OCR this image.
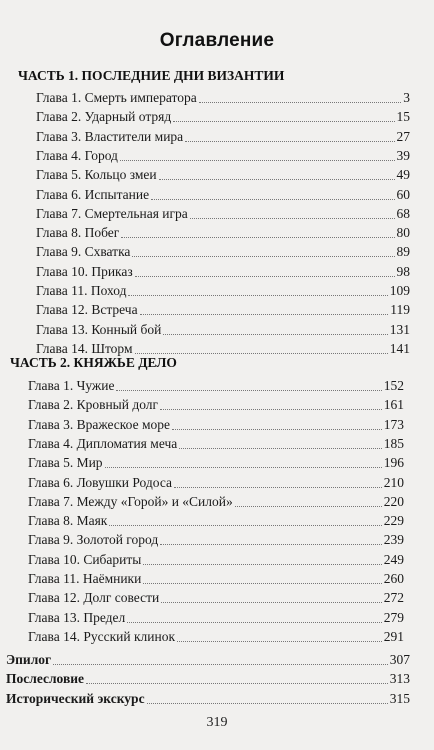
Оглавление
ЧАСТЬ 1. ПОСЛЕДНИЕ ДНИ ВИЗАНТИИ
Глава 1. Смерть императора	3
Глава 2. Ударный отряд	15
Глава 3. Властители мира	27
Глава 4. Город	39
Глава 5. Кольцо змеи	49
Глава 6. Испытание	60
Глава 7. Смертельная игра	68
Глава 8. Побег	80
Глава 9. Схватка	89
Глава 10. Приказ	98
Глава 11. Поход	109
Глава 12. Встреча	119
Глава 13. Конный бой	131
Глава 14. Шторм	141
ЧАСТЬ 2. КНЯЖЬЕ ДЕЛО
Глава 1. Чужие	152
Глава 2. Кровный долг	161
Глава 3. Вражеское море	173
Глава 4. Дипломатия меча	185
Глава 5. Мир	196
Глава 6. Ловушки Родоса	210
Глава 7. Между «Горой» и «Силой»	220
Глава 8. Маяк	229
Глава 9. Золотой город	239
Глава 10. Сибариты	249
Глава 11. Наёмники	260
Глава 12. Долг совести	272
Глава 13. Предел	279
Глава 14. Русский клинок	291
Эпилог	307
Послесловие	313
Исторический экскурс	315
319
